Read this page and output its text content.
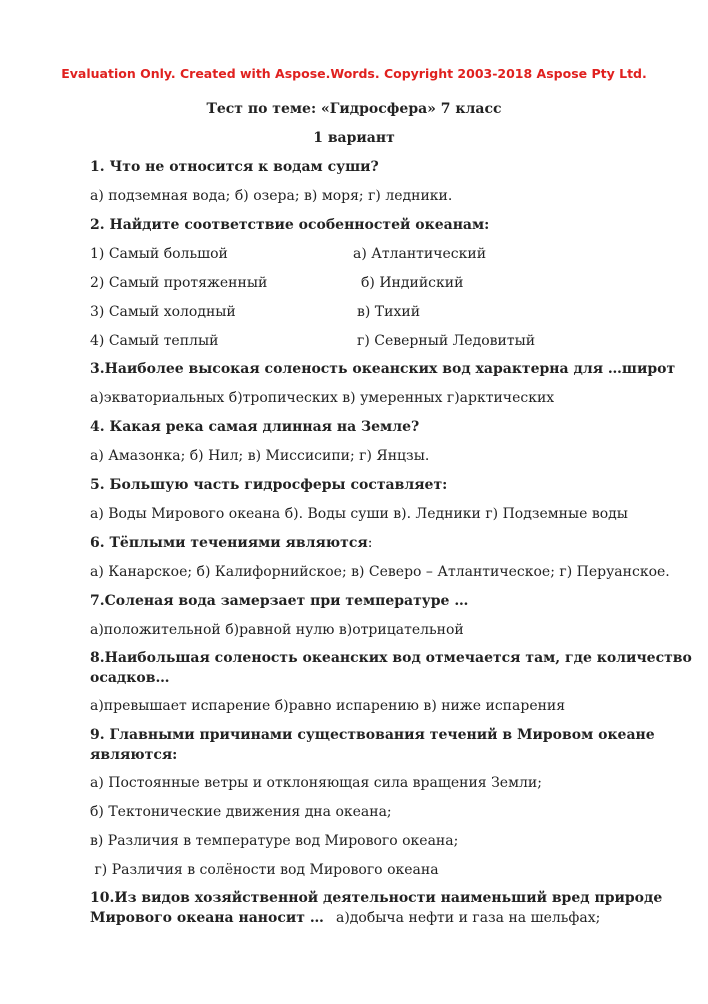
Evaluation Only. Created with Aspose.Words. Copyright 2003-2018 Aspose Pty Ltd.
Тест по теме: «Гидросфера» 7 класс
1 вариант
1. Что не относится к водам суши?
а) подземная вода; б) озера; в) моря; г) ледники.
2. Найдите соответствие особенностей океанам:
1) Самый большой	а) Атлантический
2) Самый протяженный	б) Индийский
3) Самый холодный	в) Тихий
4) Самый теплый	г) Северный Ледовитый
3.Наиболее высокая соленость океанских вод характерна для …широт
а)экваториальных б)тропических в) умеренных г)арктических
4. Какая река самая длинная на Земле?
а) Амазонка; б) Нил; в) Миссисипи; г) Янцзы.
5. Большую часть гидросферы составляет:
а) Воды Мирового океана б). Воды суши в). Ледники г) Подземные воды
6. Тёплыми течениями являются:
а) Канарское; б) Калифорнийское; в) Северо – Атлантическое; г) Перуанское.
7.Соленая вода замерзает при температуре …
а)положительной б)равной нулю в)отрицательной
8.Наибольшая соленость океанских вод отмечается там, где количество
осадков…
а)превышает испарение б)равно испарению в) ниже испарения
9. Главными причинами существования течений в Мировом океане
являются:
а) Постоянные ветры и отклоняющая сила вращения Земли;
б) Тектонические движения дна океана;
в) Различия в температуре вод Мирового океана;
г) Различия в солёности вод Мирового океана
10.Из видов хозяйственной деятельности наименьший вред природе
Мирового океана наносит … а)добыча нефти и газа на шельфах;
